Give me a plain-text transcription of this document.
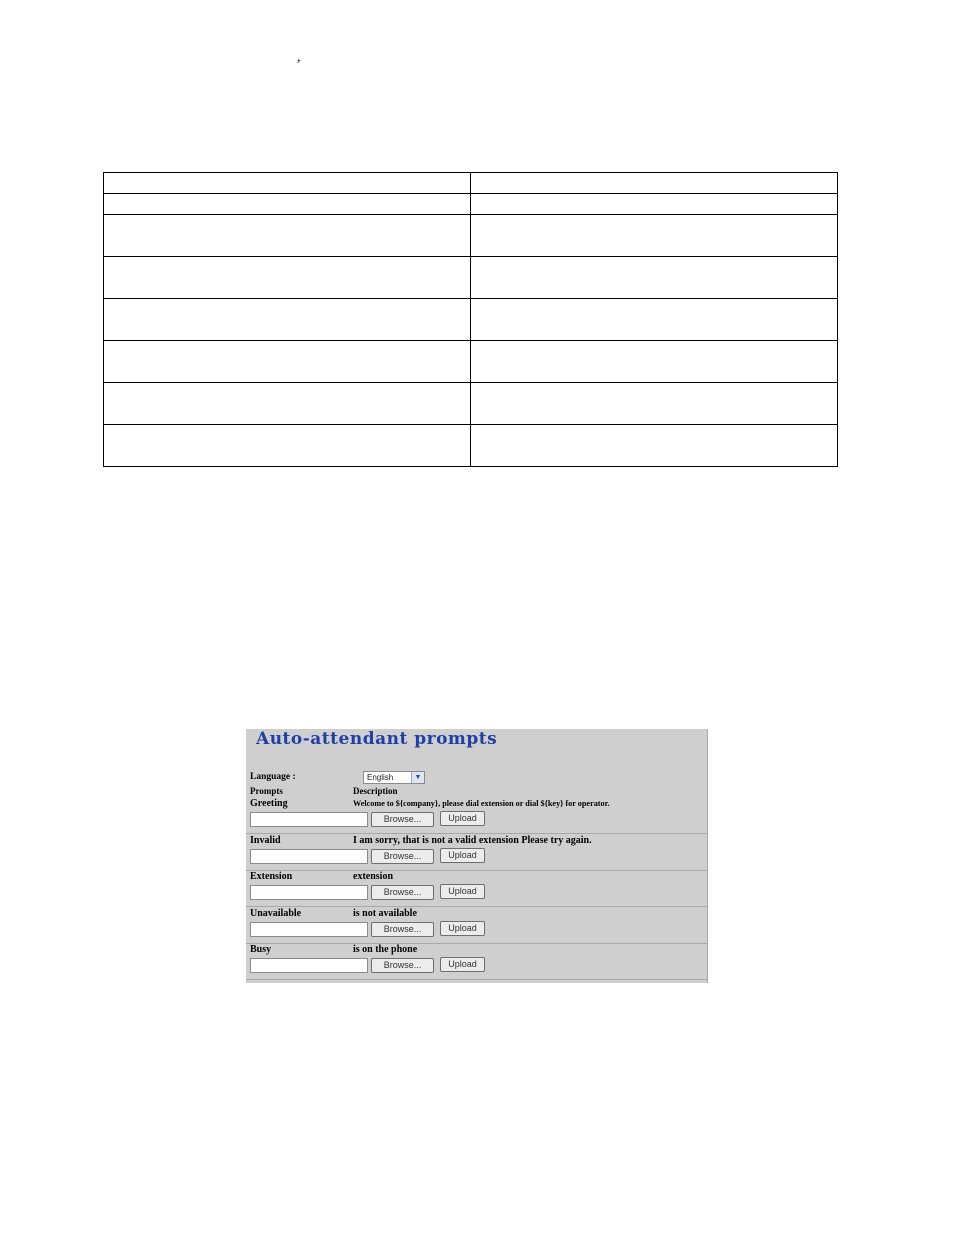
,

Auto-attendant prompts
Language :	English	▼
Prompts	Description
Greeting	Welcome to ${company}, please dial extension or dial ${key} for operator.
Browse...	Upload
Invalid	I am sorry, that is not a valid extension Please try again.
Browse...	Upload
Extension	extension
Browse...	Upload
Unavailable	is not available
Browse...	Upload
Busy	is on the phone
Browse...	Upload
